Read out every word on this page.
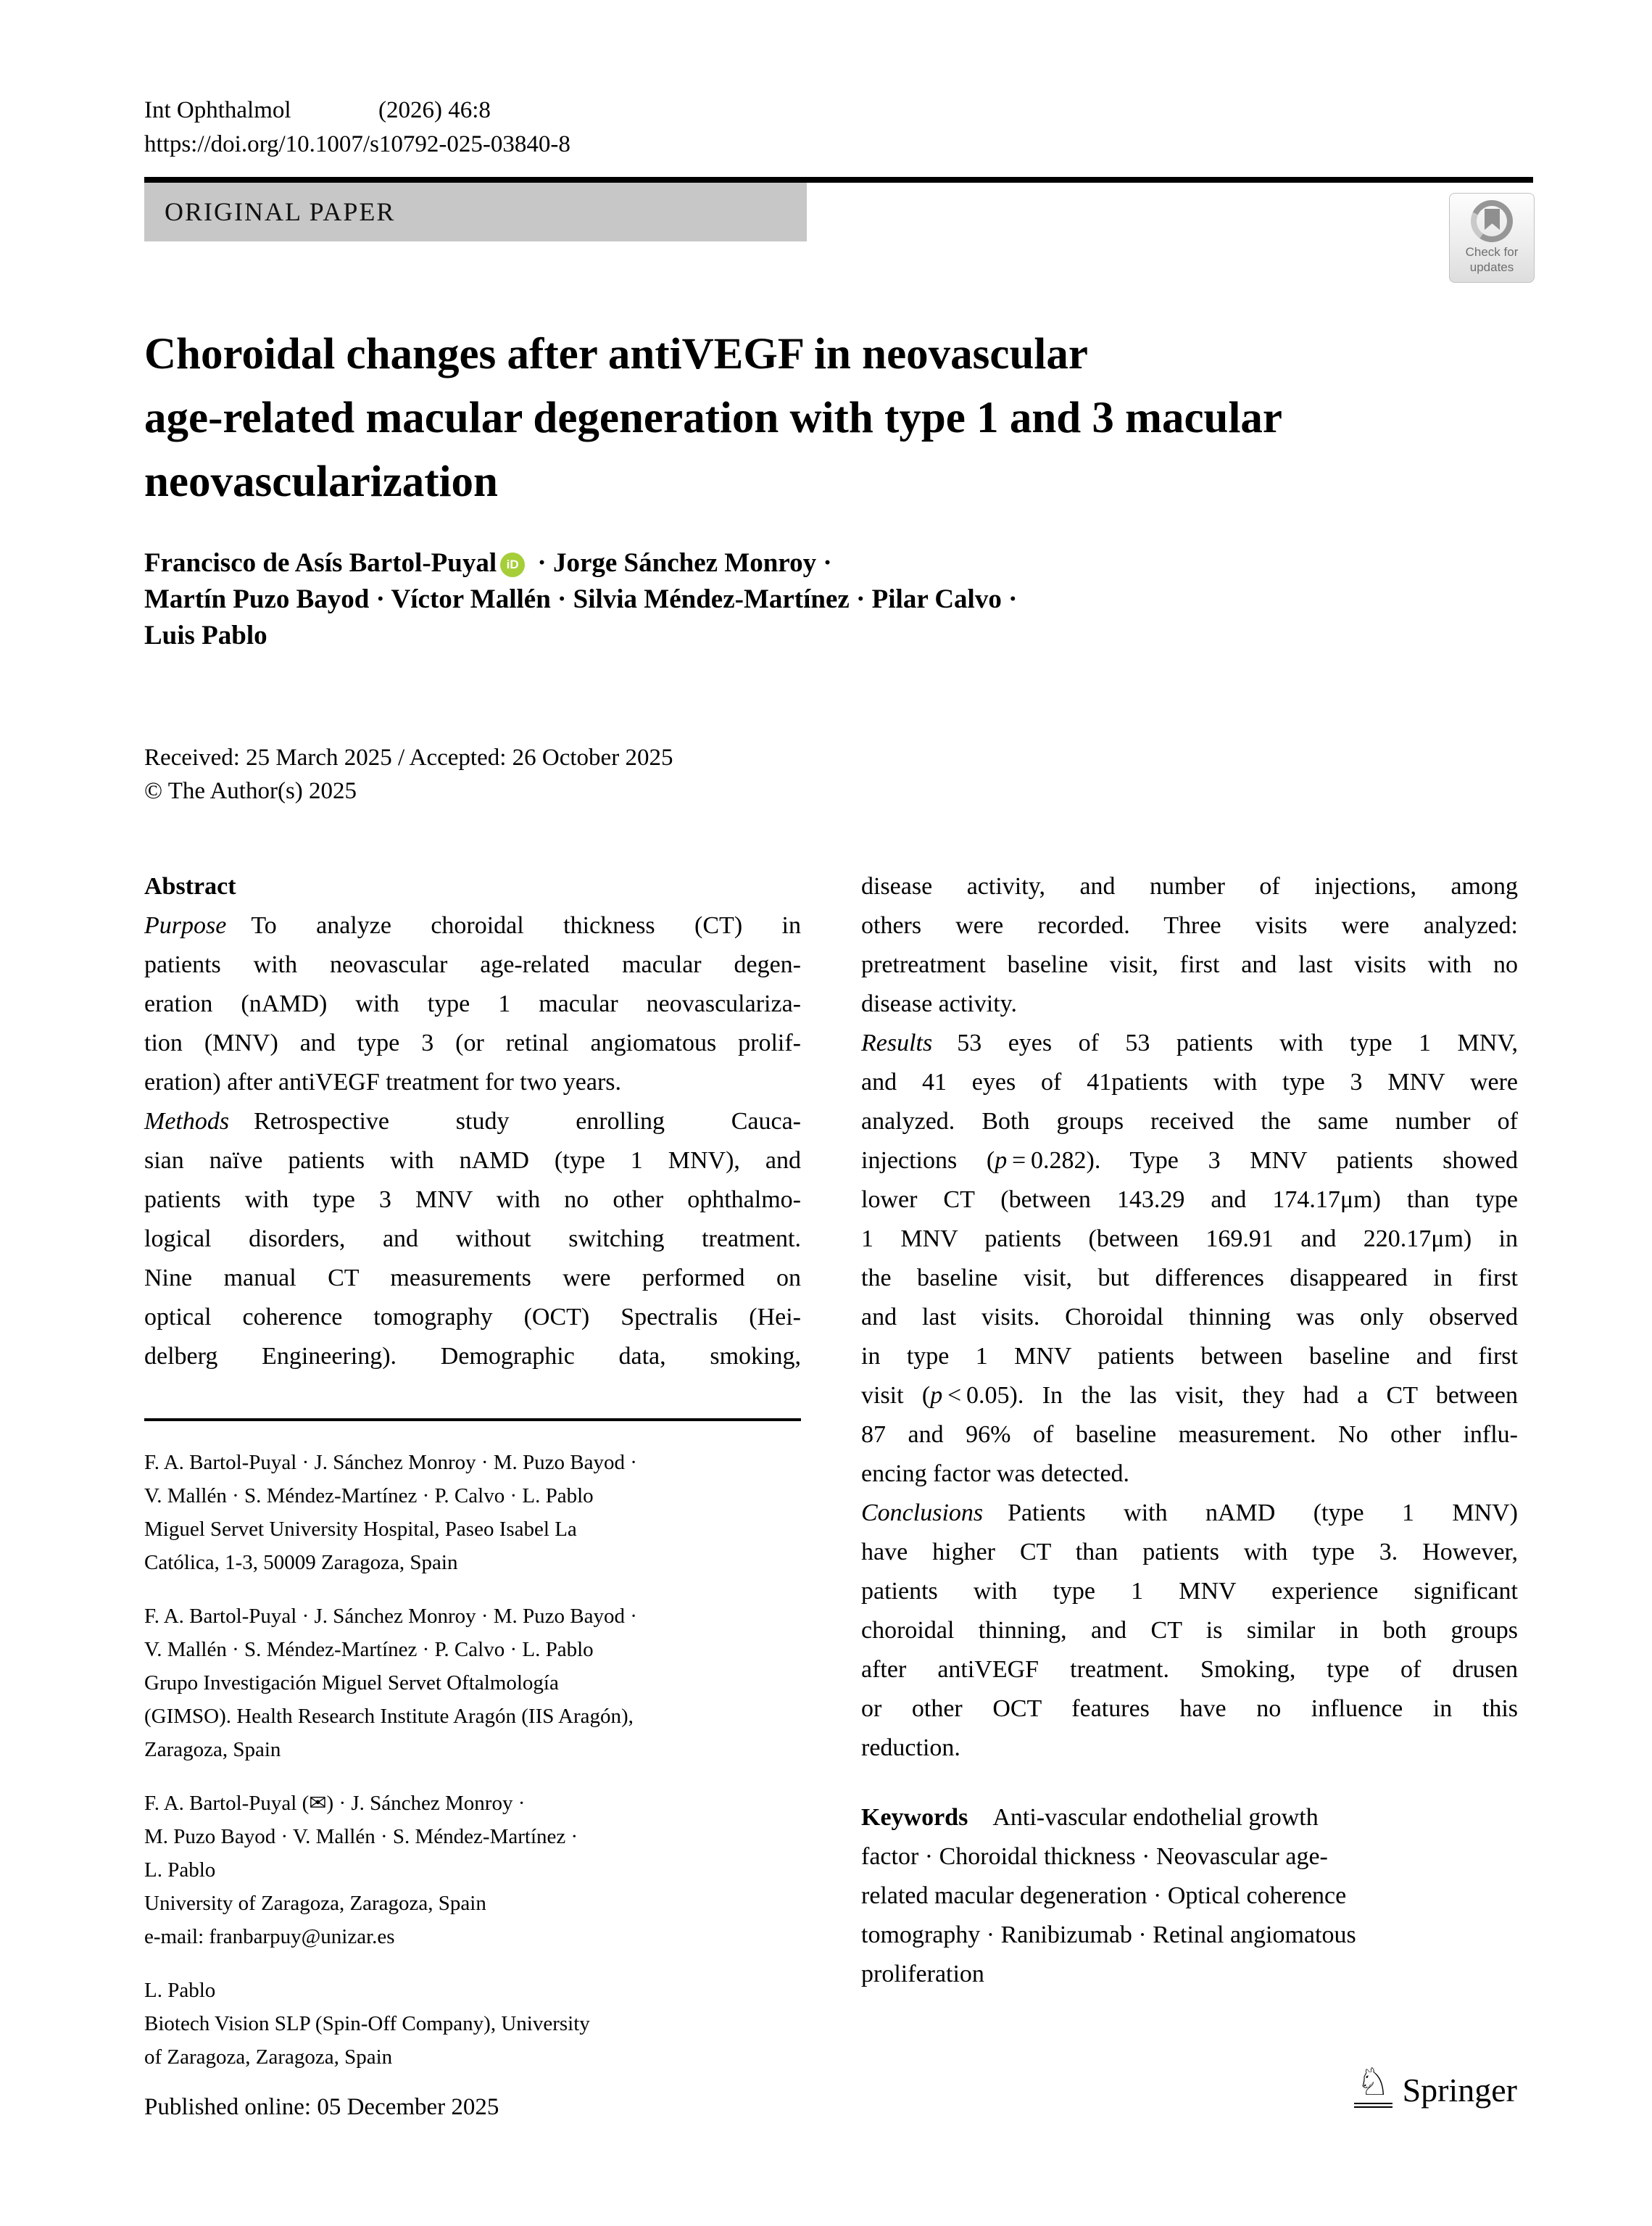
Int Ophthalmol	(2026) 46:8
https://doi.org/10.1007/s10792-025-03840-8
ORIGINAL PAPER
Check for
updates
Choroidal changes after antiVEGF in neovascular
age-related macular degeneration with type 1 and 3 macular
neovascularization
Francisco de Asís Bartol-Puyal iD · Jorge Sánchez Monroy ·
Martín Puzo Bayod · Víctor Mallén · Silvia Méndez-Martínez · Pilar Calvo ·
Luis Pablo
Received: 25 March 2025 / Accepted: 26 October 2025
© The Author(s) 2025
Abstract
Purpose  To analyze choroidal thickness (CT) in
patients with neovascular age-related macular degen-
eration (nAMD) with type 1 macular neovasculariza-
tion (MNV) and type 3 (or retinal angiomatous prolif-
eration) after antiVEGF treatment for two years.
Methods  Retrospective study enrolling Cauca-
sian naïve patients with nAMD (type 1 MNV), and
patients with type 3 MNV with no other ophthalmo-
logical disorders, and without switching treatment.
Nine manual CT measurements were performed on
optical coherence tomography (OCT) Spectralis (Hei-
delberg Engineering). Demographic data, smoking,
disease activity, and number of injections, among
others were recorded. Three visits were analyzed:
pretreatment baseline visit, first and last visits with no
disease activity.
Results  53 eyes of 53 patients with type 1 MNV,
and 41 eyes of 41patients with type 3 MNV were
analyzed. Both groups received the same number of
injections (p = 0.282). Type 3 MNV patients showed
lower CT (between 143.29 and 174.17μm) than type
1 MNV patients (between 169.91 and 220.17μm) in
the baseline visit, but differences disappeared in first
and last visits. Choroidal thinning was only observed
in type 1 MNV patients between baseline and first
visit (p < 0.05). In the las visit, they had a CT between
87 and 96% of baseline measurement. No other influ-
encing factor was detected.
Conclusions  Patients with nAMD (type 1 MNV)
have higher CT than patients with type 3. However,
patients with type 1 MNV experience significant
choroidal thinning, and CT is similar in both groups
after antiVEGF treatment. Smoking, type of drusen
or other OCT features have no influence in this
reduction.
Keywords  Anti-vascular endothelial growth
factor · Choroidal thickness · Neovascular age-
related macular degeneration · Optical coherence
tomography · Ranibizumab · Retinal angiomatous
proliferation
F. A. Bartol-Puyal · J. Sánchez Monroy · M. Puzo Bayod ·
V. Mallén · S. Méndez-Martínez · P. Calvo · L. Pablo
Miguel Servet University Hospital, Paseo Isabel La
Católica, 1-3, 50009 Zaragoza, Spain
F. A. Bartol-Puyal · J. Sánchez Monroy · M. Puzo Bayod ·
V. Mallén · S. Méndez-Martínez · P. Calvo · L. Pablo
Grupo Investigación Miguel Servet Oftalmología
(GIMSO). Health Research Institute Aragón (IIS Aragón),
Zaragoza, Spain
F. A. Bartol-Puyal (✉) · J. Sánchez Monroy ·
M. Puzo Bayod · V. Mallén · S. Méndez-Martínez ·
L. Pablo
University of Zaragoza, Zaragoza, Spain
e-mail: franbarpuy@unizar.es
L. Pablo
Biotech Vision SLP (Spin-Off Company), University
of Zaragoza, Zaragoza, Spain
Published online: 05 December 2025
♘ Springer
